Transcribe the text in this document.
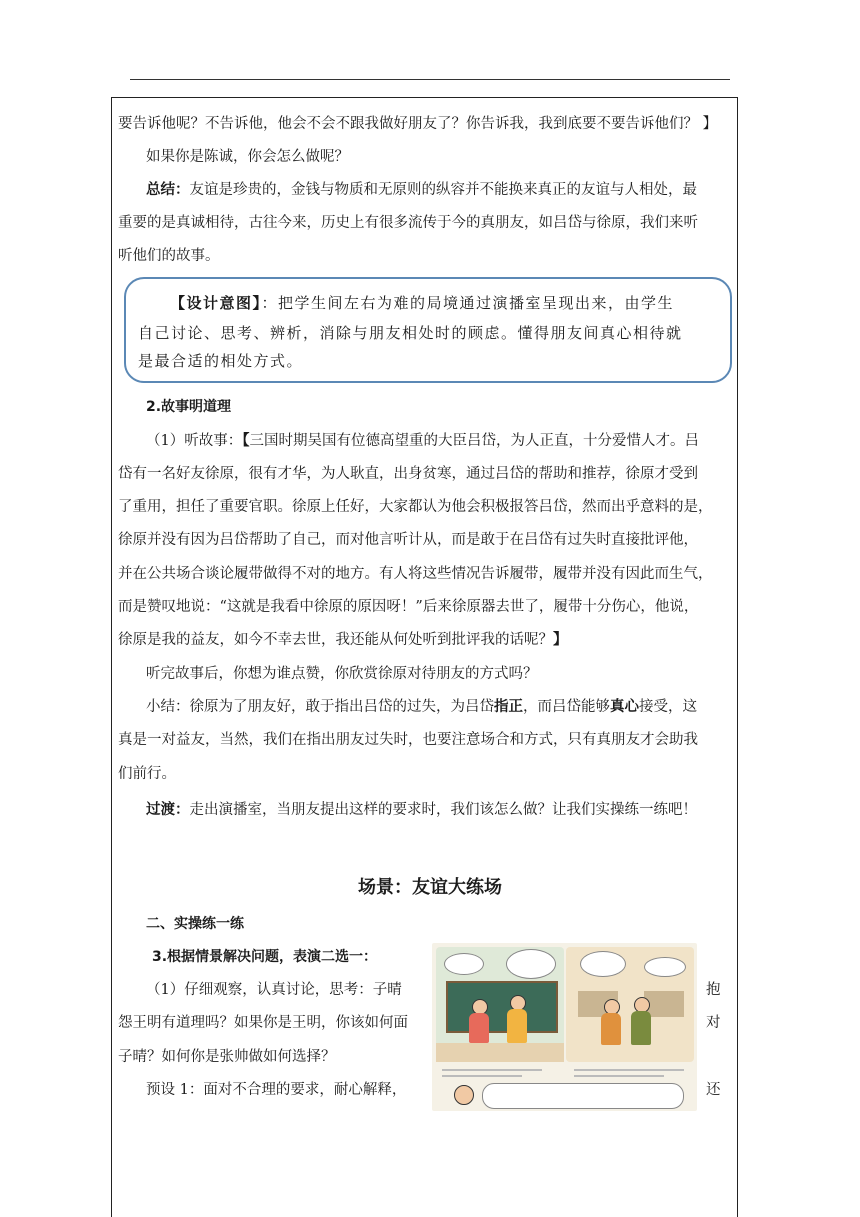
要告诉他呢？不告诉他，他会不会不跟我做好朋友了？你告诉我，我到底要不要告诉他们？ 】
如果你是陈诚，你会怎么做呢？
总结：友谊是珍贵的，金钱与物质和无原则的纵容并不能换来真正的友谊与人相处，最
重要的是真诚相待，古往今来，历史上有很多流传于今的真朋友，如吕岱与徐原，我们来听
听他们的故事。
【设计意图】：把学生间左右为难的局境通过演播室呈现出来，由学生
自己讨论、思考、辨析，消除与朋友相处时的顾虑。懂得朋友间真心相待就
是最合适的相处方式。
2.故事明道理
（1）听故事：【三国时期吴国有位德高望重的大臣吕岱，为人正直，十分爱惜人才。吕
岱有一名好友徐原，很有才华，为人耿直，出身贫寒，通过吕岱的帮助和推荐，徐原才受到
了重用，担任了重要官职。徐原上任好，大家都认为他会积极报答吕岱，然而出乎意料的是，
徐原并没有因为吕岱帮助了自己，而对他言听计从，而是敢于在吕岱有过失时直接批评他，
并在公共场合谈论履带做得不对的地方。有人将这些情况告诉履带，履带并没有因此而生气，
而是赞叹地说：“这就是我看中徐原的原因呀！”后来徐原器去世了，履带十分伤心，他说，
徐原是我的益友，如今不幸去世，我还能从何处听到批评我的话呢？】
听完故事后，你想为谁点赞，你欣赏徐原对待朋友的方式吗？
小结：徐原为了朋友好，敢于指出吕岱的过失，为吕岱指正，而吕岱能够真心接受，这
真是一对益友，当然，我们在指出朋友过失时，也要注意场合和方式，只有真朋友才会助我
们前行。
过渡：走出演播室，当朋友提出这样的要求时，我们该怎么做？让我们实操练一练吧！
场景：友谊大练场
二、实操练一练
3.根据情景解决问题，表演二选一：
（1）仔细观察，认真讨论，思考：子晴	抱
怨王明有道理吗？如果你是王明，你该如何面	对
子晴？如何你是张帅做如何选择？
预设 1：面对不合理的要求，耐心解释，	还
